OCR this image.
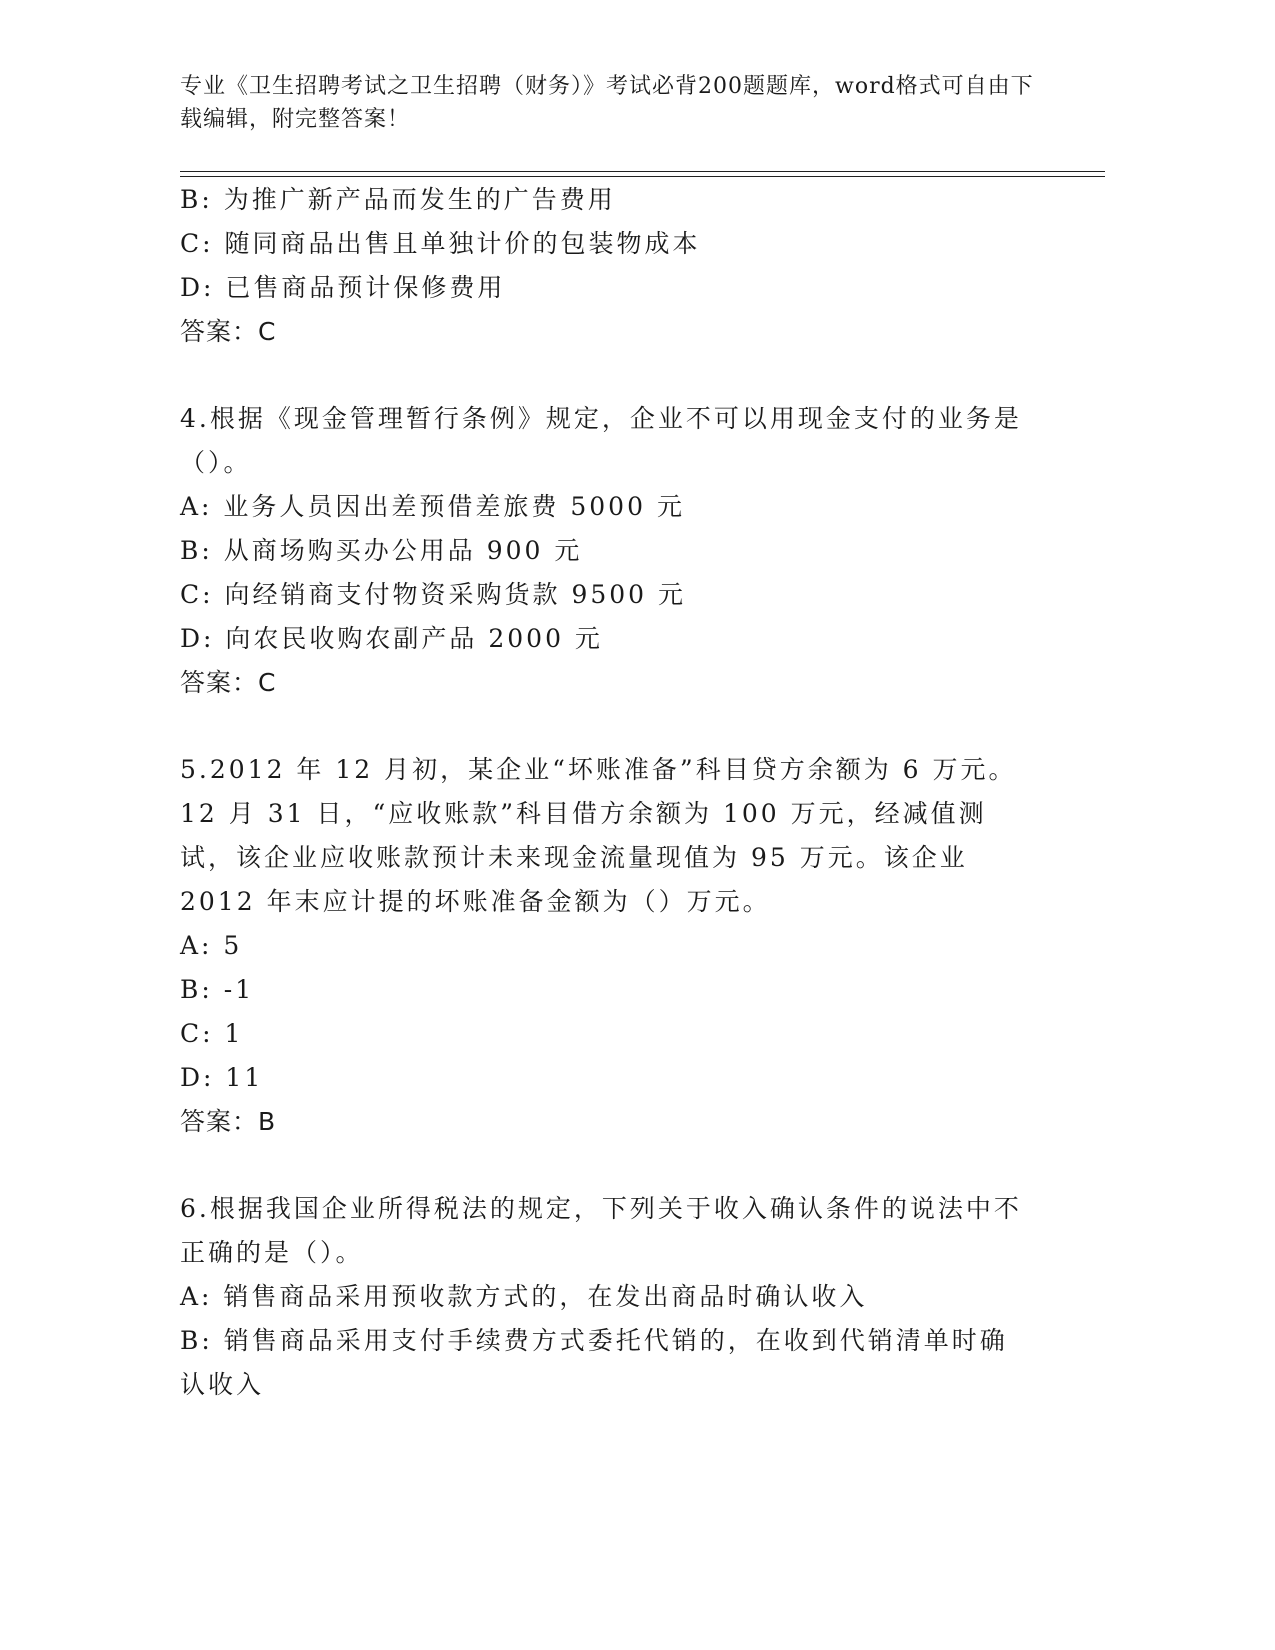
专业《卫生招聘考试之卫生招聘（财务）》考试必背200题题库，word格式可自由下载编辑，附完整答案！
B: 为推广新产品而发生的广告费用
C: 随同商品出售且单独计价的包装物成本
D: 已售商品预计保修费用
答案：C
4.根据《现金管理暂行条例》规定，企业不可以用现金支付的业务是（）。
A: 业务人员因出差预借差旅费 5000 元
B: 从商场购买办公用品 900 元
C: 向经销商支付物资采购货款 9500 元
D: 向农民收购农副产品 2000 元
答案：C
5.2012 年 12 月初，某企业“坏账准备”科目贷方余额为 6 万元。12 月 31 日，“应收账款”科目借方余额为 100 万元，经减值测试，该企业应收账款预计未来现金流量现值为 95 万元。该企业 2012 年末应计提的坏账准备金额为（）万元。
A: 5
B: -1
C: 1
D: 11
答案：B
6.根据我国企业所得税法的规定，下列关于收入确认条件的说法中不正确的是（）。
A: 销售商品采用预收款方式的，在发出商品时确认收入
B: 销售商品采用支付手续费方式委托代销的，在收到代销清单时确认收入
